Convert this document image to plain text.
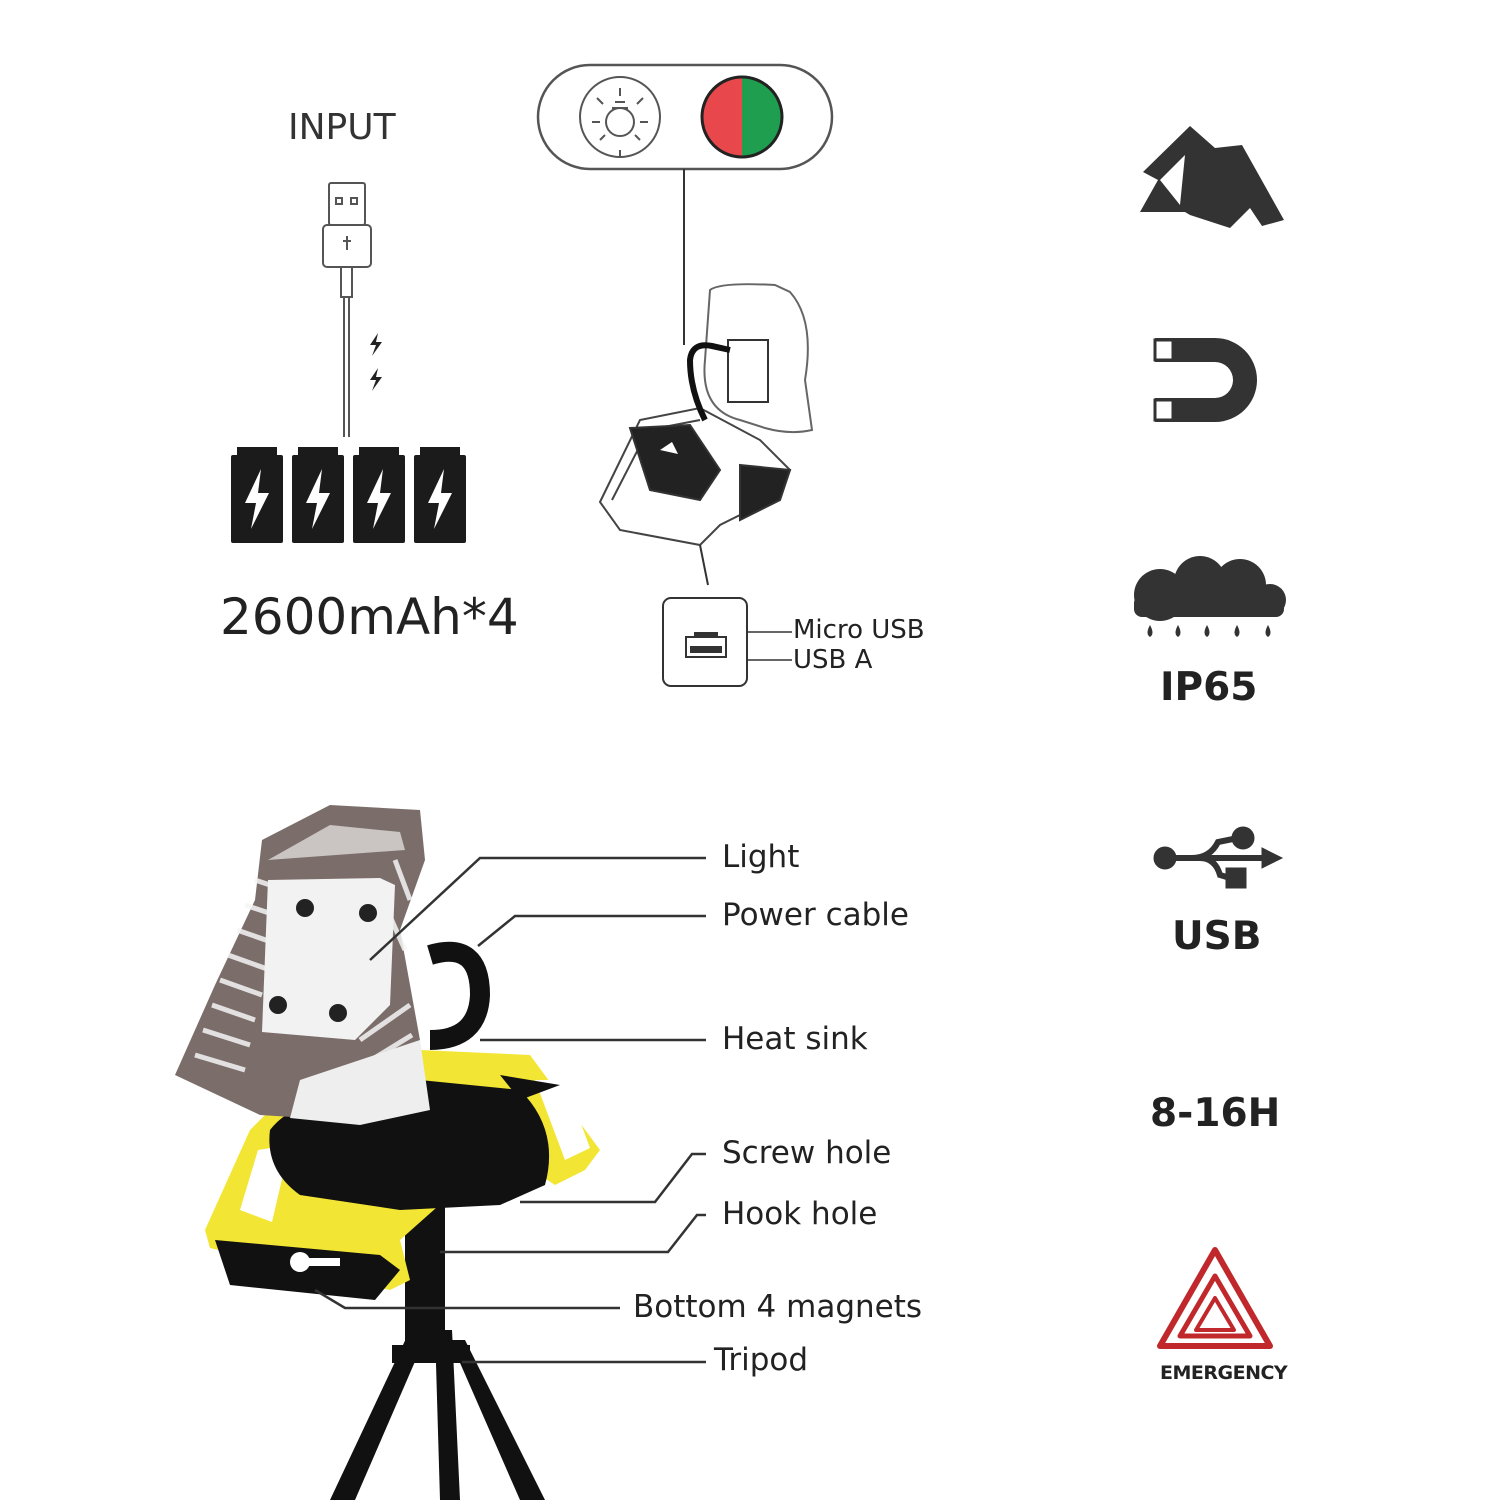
INPUT
2600mAh*4	Micro USB
USB A
Light
Power cable
Heat sink
Screw hole
Hook hole
Bottom 4 magnets
Tripod
IP65
USB
8-16H
EMERGENCY
